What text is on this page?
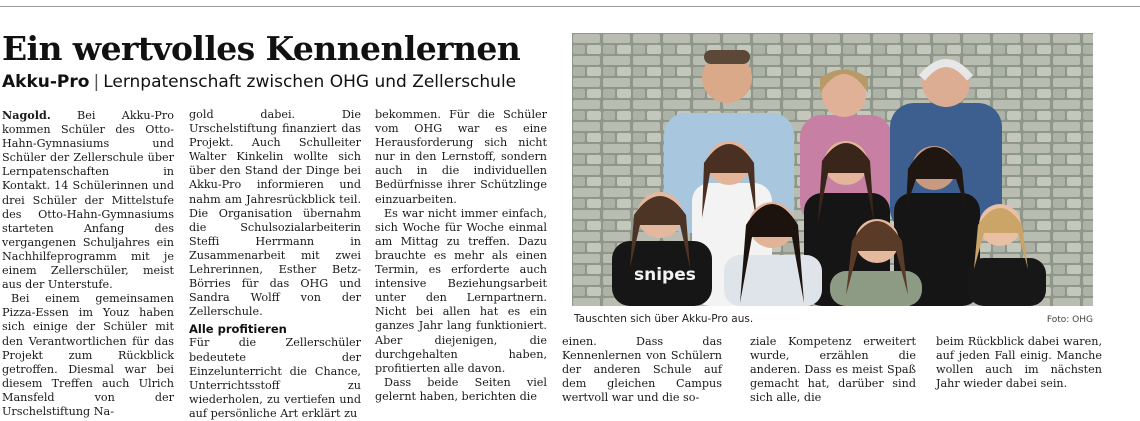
Ein wertvolles Kennenlernen
Akku-Pro | Lernpatenschaft zwischen OHG und Zellerschule

Nagold. Bei Akku-Pro kommen Schüler des Otto-Hahn-Gymnasiums und Schüler der Zellerschule über Lernpatenschaften in Kontakt. 14 Schülerinnen und drei Schüler der Mittelstufe des Otto-Hahn-Gymnasiums starteten Anfang des vergangenen Schuljahres ein Nachhilfeprogramm mit je einem Zellerschüler, meist aus der Unterstufe.

Bei einem gemeinsamen Pizza-Essen im Youz haben sich einige der Schüler mit den Verantwortlichen für das Projekt zum Rückblick getroffen. Diesmal war bei diesem Treffen auch Ulrich Mansfeld von der Urschelstiftung Na-

gold dabei. Die Urschelstiftung finanziert das Projekt. Auch Schulleiter Walter Kinkelin wollte sich über den Stand der Dinge bei Akku-Pro informieren und nahm am Jahresrückblick teil. Die Organisation übernahm die Schulsozialarbeiterin Steffi Herrmann in Zusammenarbeit mit zwei Lehrerinnen, Esther Betz-Börries für das OHG und Sandra Wolff von der Zellerschule.

Alle profitieren

Für die Zellerschüler bedeutete der Einzelunterricht die Chance, Unterrichtsstoff zu wiederholen, zu vertiefen und auf persönliche Art erklärt zu

bekommen. Für die Schüler vom OHG war es eine Herausforderung sich nicht nur in den Lernstoff, sondern auch in die individuellen Bedürfnisse ihrer Schützlinge einzuarbeiten.

Es war nicht immer einfach, sich Woche für Woche einmal am Mittag zu treffen. Dazu brauchte es mehr als einen Termin, es erforderte auch intensive Beziehungsarbeit unter den Lernpartnern. Nicht bei allen hat es ein ganzes Jahr lang funktioniert. Aber diejenigen, die durchgehalten haben, profitierten alle davon.

Dass beide Seiten viel gelernt haben, berichten die

snipes
Tauschten sich über Akku-Pro aus.	Foto: OHG

einen. Dass das Kennenlernen von Schülern der anderen Schule auf dem gleichen Campus wertvoll war und die so-

ziale Kompetenz erweitert wurde, erzählen die anderen. Dass es meist Spaß gemacht hat, darüber sind sich alle, die

beim Rückblick dabei waren, auf jeden Fall einig. Manche wollen auch im nächsten Jahr wieder dabei sein.
